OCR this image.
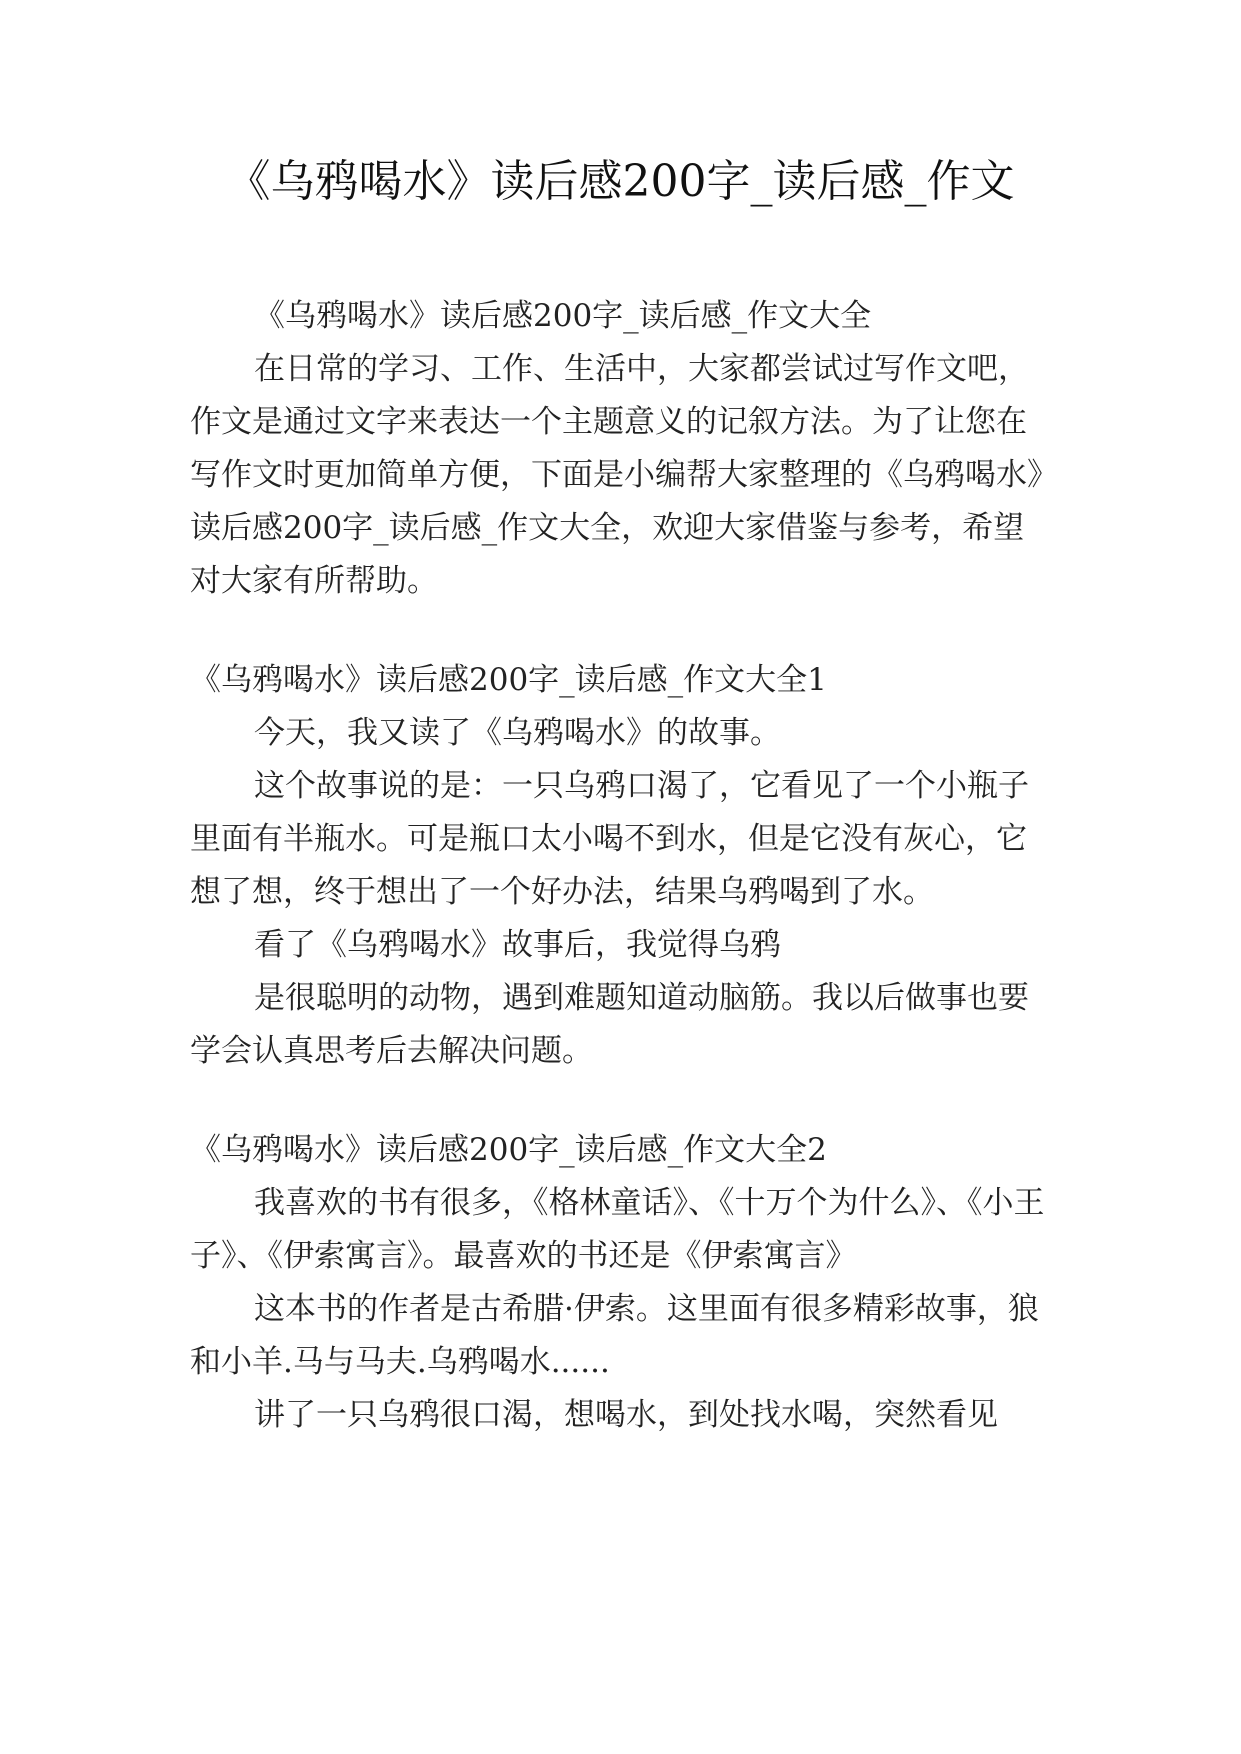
《乌鸦喝水》读后感200字_读后感_作文

《乌鸦喝水》读后感200字_读后感_作文大全

在日常的学习、工作、生活中，大家都尝试过写作文吧，作文是通过文字来表达一个主题意义的记叙方法。为了让您在写作文时更加简单方便，下面是小编帮大家整理的《乌鸦喝水》读后感200字_读后感_作文大全，欢迎大家借鉴与参考，希望对大家有所帮助。

《乌鸦喝水》读后感200字_读后感_作文大全1

今天，我又读了《乌鸦喝水》的故事。

这个故事说的是：一只乌鸦口渴了，它看见了一个小瓶子里面有半瓶水。可是瓶口太小喝不到水，但是它没有灰心，它想了想，终于想出了一个好办法，结果乌鸦喝到了水。

看了《乌鸦喝水》故事后，我觉得乌鸦

是很聪明的动物，遇到难题知道动脑筋。我以后做事也要学会认真思考后去解决问题。

《乌鸦喝水》读后感200字_读后感_作文大全2

我喜欢的书有很多，《格林童话》、《十万个为什么》、《小王子》、《伊索寓言》。最喜欢的书还是《伊索寓言》

这本书的作者是古希腊·伊索。这里面有很多精彩故事，狼和小羊.马与马夫.乌鸦喝水......

讲了一只乌鸦很口渴，想喝水，到处找水喝，突然看见
